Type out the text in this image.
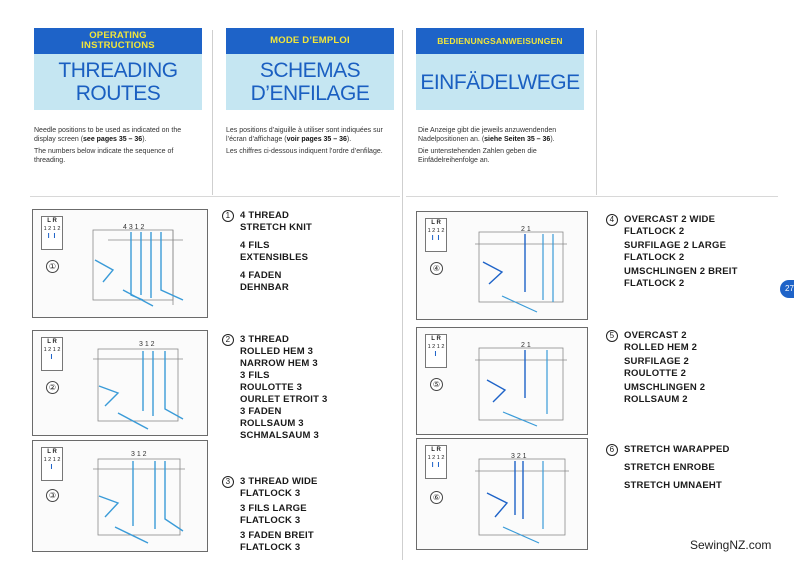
OPERATING
INSTRUCTIONS
THREADING
ROUTES
MODE D’EMPLOI
SCHEMAS
D’ENFILAGE
BEDIENUNGSANWEISUNGEN
EINFÄDELWEGE

Needle positions to be used as indicated on the display screen (see pages 35 – 36).

The numbers below indicate the sequence of threading.

Les positions d’aiguille à utiliser sont indiquées sur l’écran d’affichage (voir pages 35 – 36).

Les chiffres ci-dessous indiquent l’ordre d’enfilage.

Die Anzeige gibt die jeweils anzuwendenden Nadelpositionen an. (siehe Seiten 35 – 36).

Die untenstehenden Zahlen geben die Einfädelreihenfolge an.

L R
1 2 1 2
I I
①
4 3 1 2
L R
1 2 1 2
I
②
3 1 2
L R
1 2 1 2
I
③
3 1 2
L R
1 2 1 2
I I
④
2 1
L R
1 2 1 2
I
⑤
2 1
L R
1 2 1 2
I I
⑥
3 2 1
1	4 THREAD
STRETCH KNIT
4 FILS
EXTENSIBLES
4 FADEN
DEHNBAR
2	3 THREAD
ROLLED HEM 3
NARROW HEM 3
3 FILS
ROULOTTE 3
OURLET ETROIT 3
3 FADEN
ROLLSAUM 3
SCHMALSAUM 3
3	3 THREAD WIDE
FLATLOCK 3
3 FILS LARGE
FLATLOCK 3
3 FADEN BREIT
FLATLOCK 3
4	OVERCAST 2 WIDE
FLATLOCK 2
SURFILAGE 2 LARGE
FLATLOCK 2
UMSCHLINGEN 2 BREIT
FLATLOCK 2
5	OVERCAST 2
ROLLED HEM 2
SURFILAGE 2
ROULOTTE 2
UMSCHLINGEN 2
ROLLSAUM 2
6	STRETCH WARAPPED
STRETCH ENROBE
STRETCH UMNAEHT
27
SewingNZ.com
